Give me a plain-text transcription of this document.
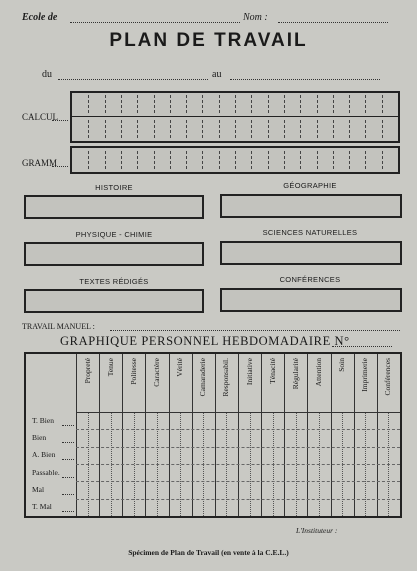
Ecole de	Nom :
PLAN DE TRAVAIL
du	au
CALCUL
GRAMM
HISTOIRE	GÉOGRAPHIE
PHYSIQUE - CHIMIE	SCIENCES NATURELLES
TEXTES RÉDIGÉS	CONFÉRENCES
TRAVAIL MANUEL :
GRAPHIQUE PERSONNEL HEBDOMADAIRE N°
Propreté Tenue Politesse Caractère Vérité Camaraderie Responsabil. Initiative Ténacité Régularité Attention Soin Imprimerie Conférences
T. Bien
Bien
A. Bien
Passable.
Mal
T. Mal
L'Instituteur :
Spécimen de Plan de Travail (en vente à la C.E.L.)
